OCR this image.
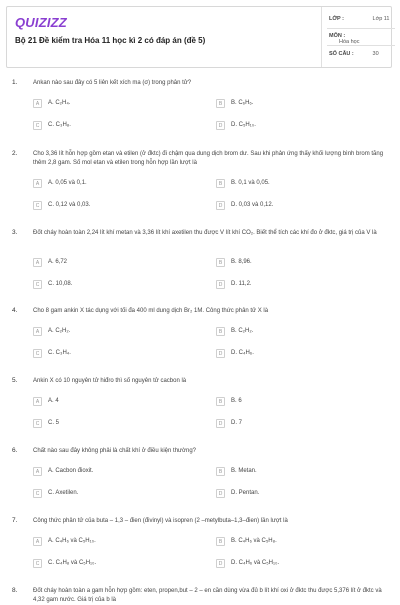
QUIZIZZ
Bộ 21 Đề kiểm tra Hóa 11 học kì 2 có đáp án (đề 5)
LỚP :	Lớp 11
MÔN : Hóa học
SỐ CÂU :	30
1.	Ankan nào sau đây có 5 liên kết xích ma (σ) trong phân tử?
A	A. C₂H₄.	B	B. C₆H₆.
C	C. C₃H₈.	D	D. C₅H₁₀.
2.	Cho 3,36 lít hỗn hợp gồm etan và etilen (ở đktc) đi chậm qua dung dịch brom dư. Sau khi phản ứng thấy khối lượng bình brom tăng thêm 2,8 gam. Số mol etan và etilen trong hỗn hợp lần lượt là
A	A. 0,05 và 0,1.	B	B. 0,1 và 0,05.
C	C. 0,12 và 0,03.	D	D. 0,03 và 0,12.
3.	Đốt cháy hoàn toàn 2,24 lít khí metan và 3,36 lít khí axetilen thu được V lít khí CO₂. Biết thể tích các khí đo ở đktc, giá trị của V là
A	A. 6,72	B	B. 8,96.
C	C. 10,08.	D	D. 11,2.
4.	Cho 8 gam ankin X tác dụng với tối đa 400 ml dung dịch Br₂ 1M. Công thức phân tử X là
A	A. C₂H₂.	B	B. C₂H₂.
C	C. C₃H₄.	D	D. C₄H₆.
5.	Ankin X có 10 nguyên tử hiđro thì số nguyên tử cacbon là
A	A. 4	B	B. 6
C	C. 5	D	D. 7
6.	Chất nào sau đây không phải là chất khí ở điều kiện thường?
A	A. Cacbon đioxit.	B	B. Metan.
C	C. Axetilen.	D	D. Pentan.
7.	Công thức phân tử của buta – 1,3 – đien (đivinyl) và isopren (2 –metylbuta–1,3–đien) lần lượt là
A	A. C₄H₆ và C₅H₁₀.	B	B. C₄H₆ và C₅H₈.
C	C. C₄H₈ và C₅H₁₀.	D	D. C₄H₆ và C₅H₁₀.
8.	Đốt cháy hoàn toàn a gam hỗn hợp gồm: eten, propen,but – 2 – en cần dùng vừa đủ b lít khí oxi ở đktc thu được 5,376 lít ở đktc và 4,32 gam nước. Giá trị của b là
